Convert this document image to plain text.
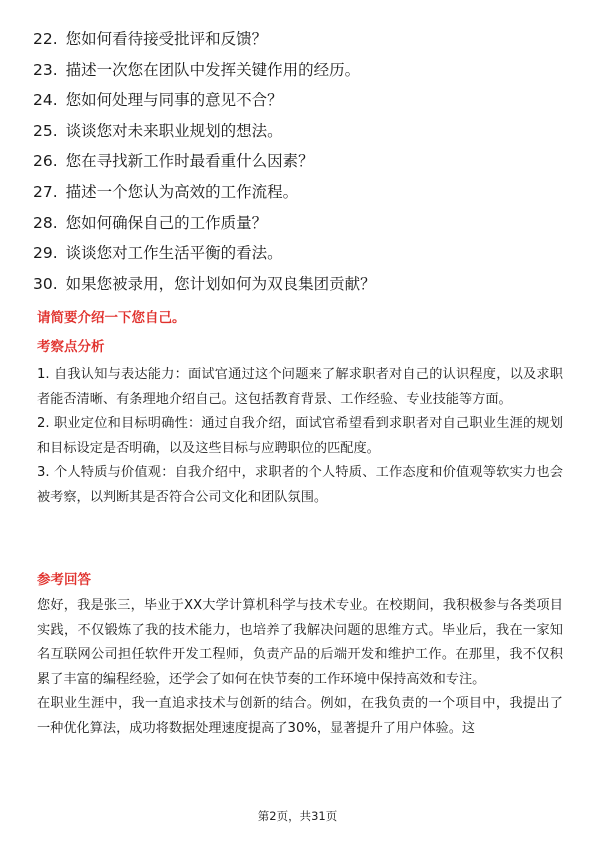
22. 您如何看待接受批评和反馈？
23. 描述一次您在团队中发挥关键作用的经历。
24. 您如何处理与同事的意见不合？
25. 谈谈您对未来职业规划的想法。
26. 您在寻找新工作时最看重什么因素？
27. 描述一个您认为高效的工作流程。
28. 您如何确保自己的工作质量？
29. 谈谈您对工作生活平衡的看法。
30. 如果您被录用，您计划如何为双良集团贡献？

请简要介绍一下您自己。

考察点分析

1. 自我认知与表达能力：面试官通过这个问题来了解求职者对自己的认识程度，以及求职者能否清晰、有条理地介绍自己。这包括教育背景、工作经验、专业技能等方面。

2. 职业定位和目标明确性：通过自我介绍，面试官希望看到求职者对自己职业生涯的规划和目标设定是否明确，以及这些目标与应聘职位的匹配度。

3. 个人特质与价值观：自我介绍中，求职者的个人特质、工作态度和价值观等软实力也会被考察，以判断其是否符合公司文化和团队氛围。

参考回答

您好，我是张三，毕业于XX大学计算机科学与技术专业。在校期间，我积极参与各类项目实践，不仅锻炼了我的技术能力，也培养了我解决问题的思维方式。毕业后，我在一家知名互联网公司担任软件开发工程师，负责产品的后端开发和维护工作。在那里，我不仅积累了丰富的编程经验，还学会了如何在快节奏的工作环境中保持高效和专注。

在职业生涯中，我一直追求技术与创新的结合。例如，在我负责的一个项目中，我提出了一种优化算法，成功将数据处理速度提高了30%，显著提升了用户体验。这

第2页，共31页
